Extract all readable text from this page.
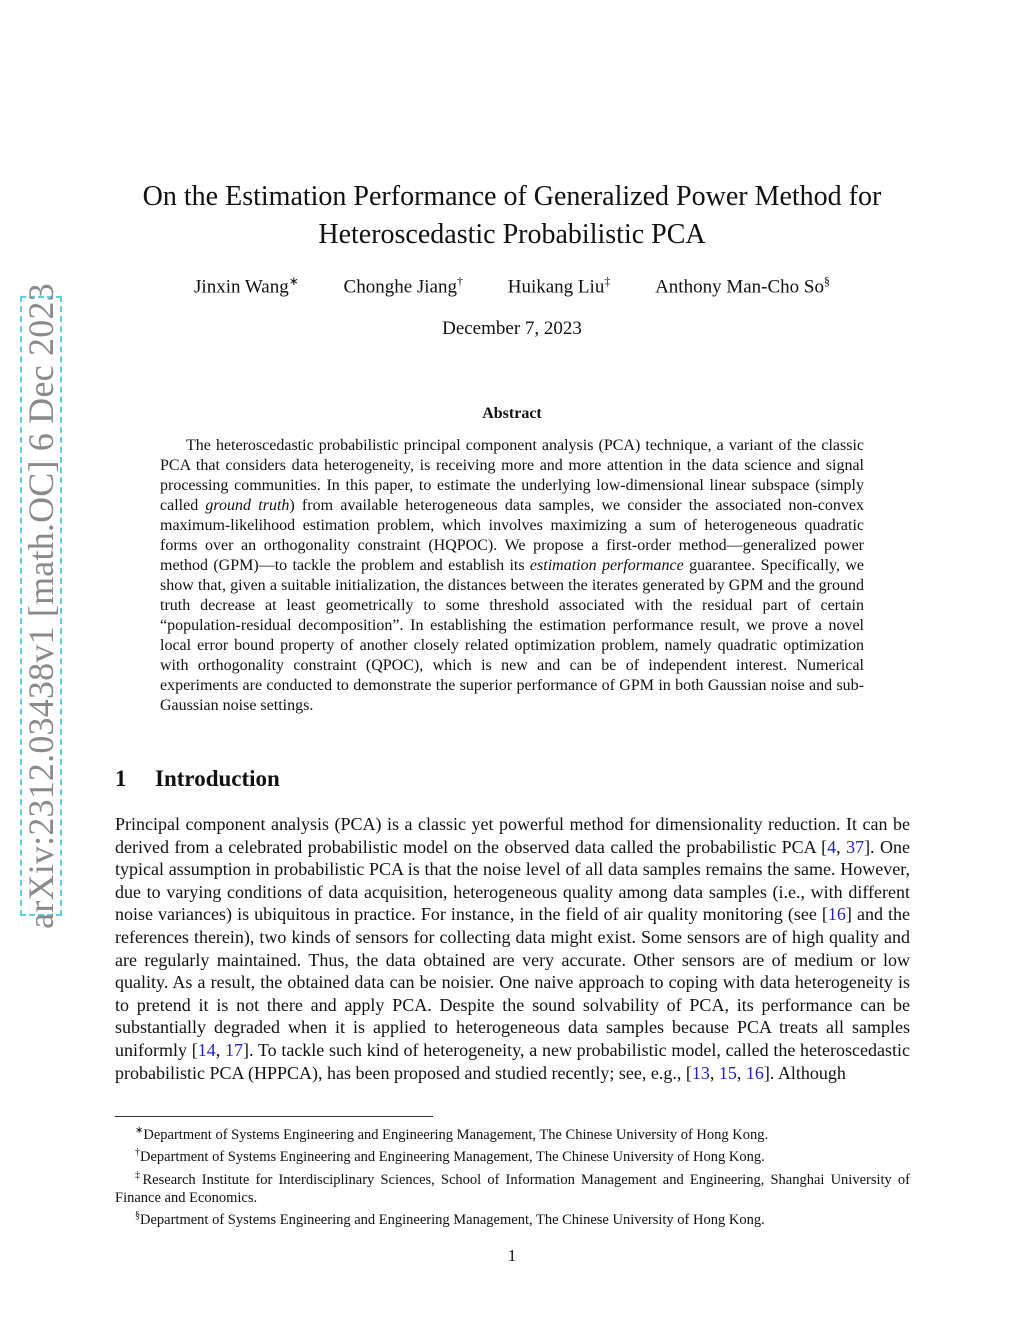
arXiv:2312.03438v1 [math.OC] 6 Dec 2023
On the Estimation Performance of Generalized Power Method for
Heteroscedastic Probabilistic PCA
Jinxin Wang∗ Chonghe Jiang† Huikang Liu‡ Anthony Man-Cho So§
December 7, 2023
Abstract
The heteroscedastic probabilistic principal component analysis (PCA) technique, a variant of the classic PCA that considers data heterogeneity, is receiving more and more attention in the data science and signal processing communities. In this paper, to estimate the underlying low-dimensional linear subspace (simply called ground truth) from available heterogeneous data samples, we consider the associated non-convex maximum-likelihood estimation problem, which involves maximizing a sum of heterogeneous quadratic forms over an orthogonality constraint (HQPOC). We propose a first-order method—generalized power method (GPM)—to tackle the problem and establish its estimation performance guarantee. Specifically, we show that, given a suitable initialization, the distances between the iterates generated by GPM and the ground truth decrease at least geometrically to some threshold associated with the residual part of certain “population-residual decomposition”. In establishing the estimation performance result, we prove a novel local error bound property of another closely related optimization problem, namely quadratic optimization with orthogonality constraint (QPOC), which is new and can be of independent interest. Numerical experiments are conducted to demonstrate the superior performance of GPM in both Gaussian noise and sub-Gaussian noise settings.
1 Introduction
Principal component analysis (PCA) is a classic yet powerful method for dimensionality reduction. It can be derived from a celebrated probabilistic model on the observed data called the probabilistic PCA [4, 37]. One typical assumption in probabilistic PCA is that the noise level of all data samples remains the same. However, due to varying conditions of data acquisition, heterogeneous quality among data samples (i.e., with different noise variances) is ubiquitous in practice. For instance, in the field of air quality monitoring (see [16] and the references therein), two kinds of sensors for collecting data might exist. Some sensors are of high quality and are regularly maintained. Thus, the data obtained are very accurate. Other sensors are of medium or low quality. As a result, the obtained data can be noisier. One naive approach to coping with data heterogeneity is to pretend it is not there and apply PCA. Despite the sound solvability of PCA, its performance can be substantially degraded when it is applied to heterogeneous data samples because PCA treats all samples uniformly [14, 17]. To tackle such kind of heterogeneity, a new probabilistic model, called the heteroscedastic probabilistic PCA (HPPCA), has been proposed and studied recently; see, e.g., [13, 15, 16]. Although

∗Department of Systems Engineering and Engineering Management, The Chinese University of Hong Kong.

†Department of Systems Engineering and Engineering Management, The Chinese University of Hong Kong.

‡Research Institute for Interdisciplinary Sciences, School of Information Management and Engineering, Shanghai University of Finance and Economics.

§Department of Systems Engineering and Engineering Management, The Chinese University of Hong Kong.

1
